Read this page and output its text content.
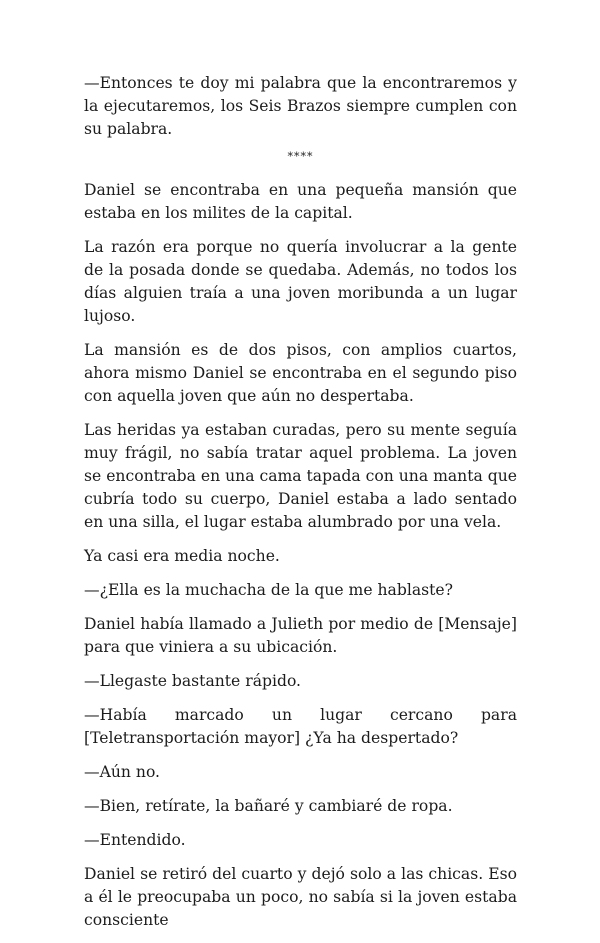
—Entonces te doy mi palabra que la encontraremos y la ejecutaremos, los Seis Brazos siempre cumplen con su palabra.

****

Daniel se encontraba en una pequeña mansión que estaba en los milites de la capital.

La razón era porque no quería involucrar a la gente de la posada donde se quedaba. Además, no todos los días alguien traía a una joven moribunda a un lugar lujoso.

La mansión es de dos pisos, con amplios cuartos, ahora mismo Daniel se encontraba en el segundo piso con aquella joven que aún no despertaba.

Las heridas ya estaban curadas, pero su mente seguía muy frágil, no sabía tratar aquel problema. La joven se encontraba en una cama tapada con una manta que cubría todo su cuerpo, Daniel estaba a lado sentado en una silla, el lugar estaba alumbrado por una vela.

Ya casi era media noche.

—¿Ella es la muchacha de la que me hablaste?

Daniel había llamado a Julieth por medio de [Mensaje] para que viniera a su ubicación.

—Llegaste bastante rápido.

—Había marcado un lugar cercano para [Teletransportación mayor] ¿Ya ha despertado?

—Aún no.

—Bien, retírate, la bañaré y cambiaré de ropa.

—Entendido.

Daniel se retiró del cuarto y dejó solo a las chicas. Eso a él le preocupaba un poco, no sabía si la joven estaba consciente
